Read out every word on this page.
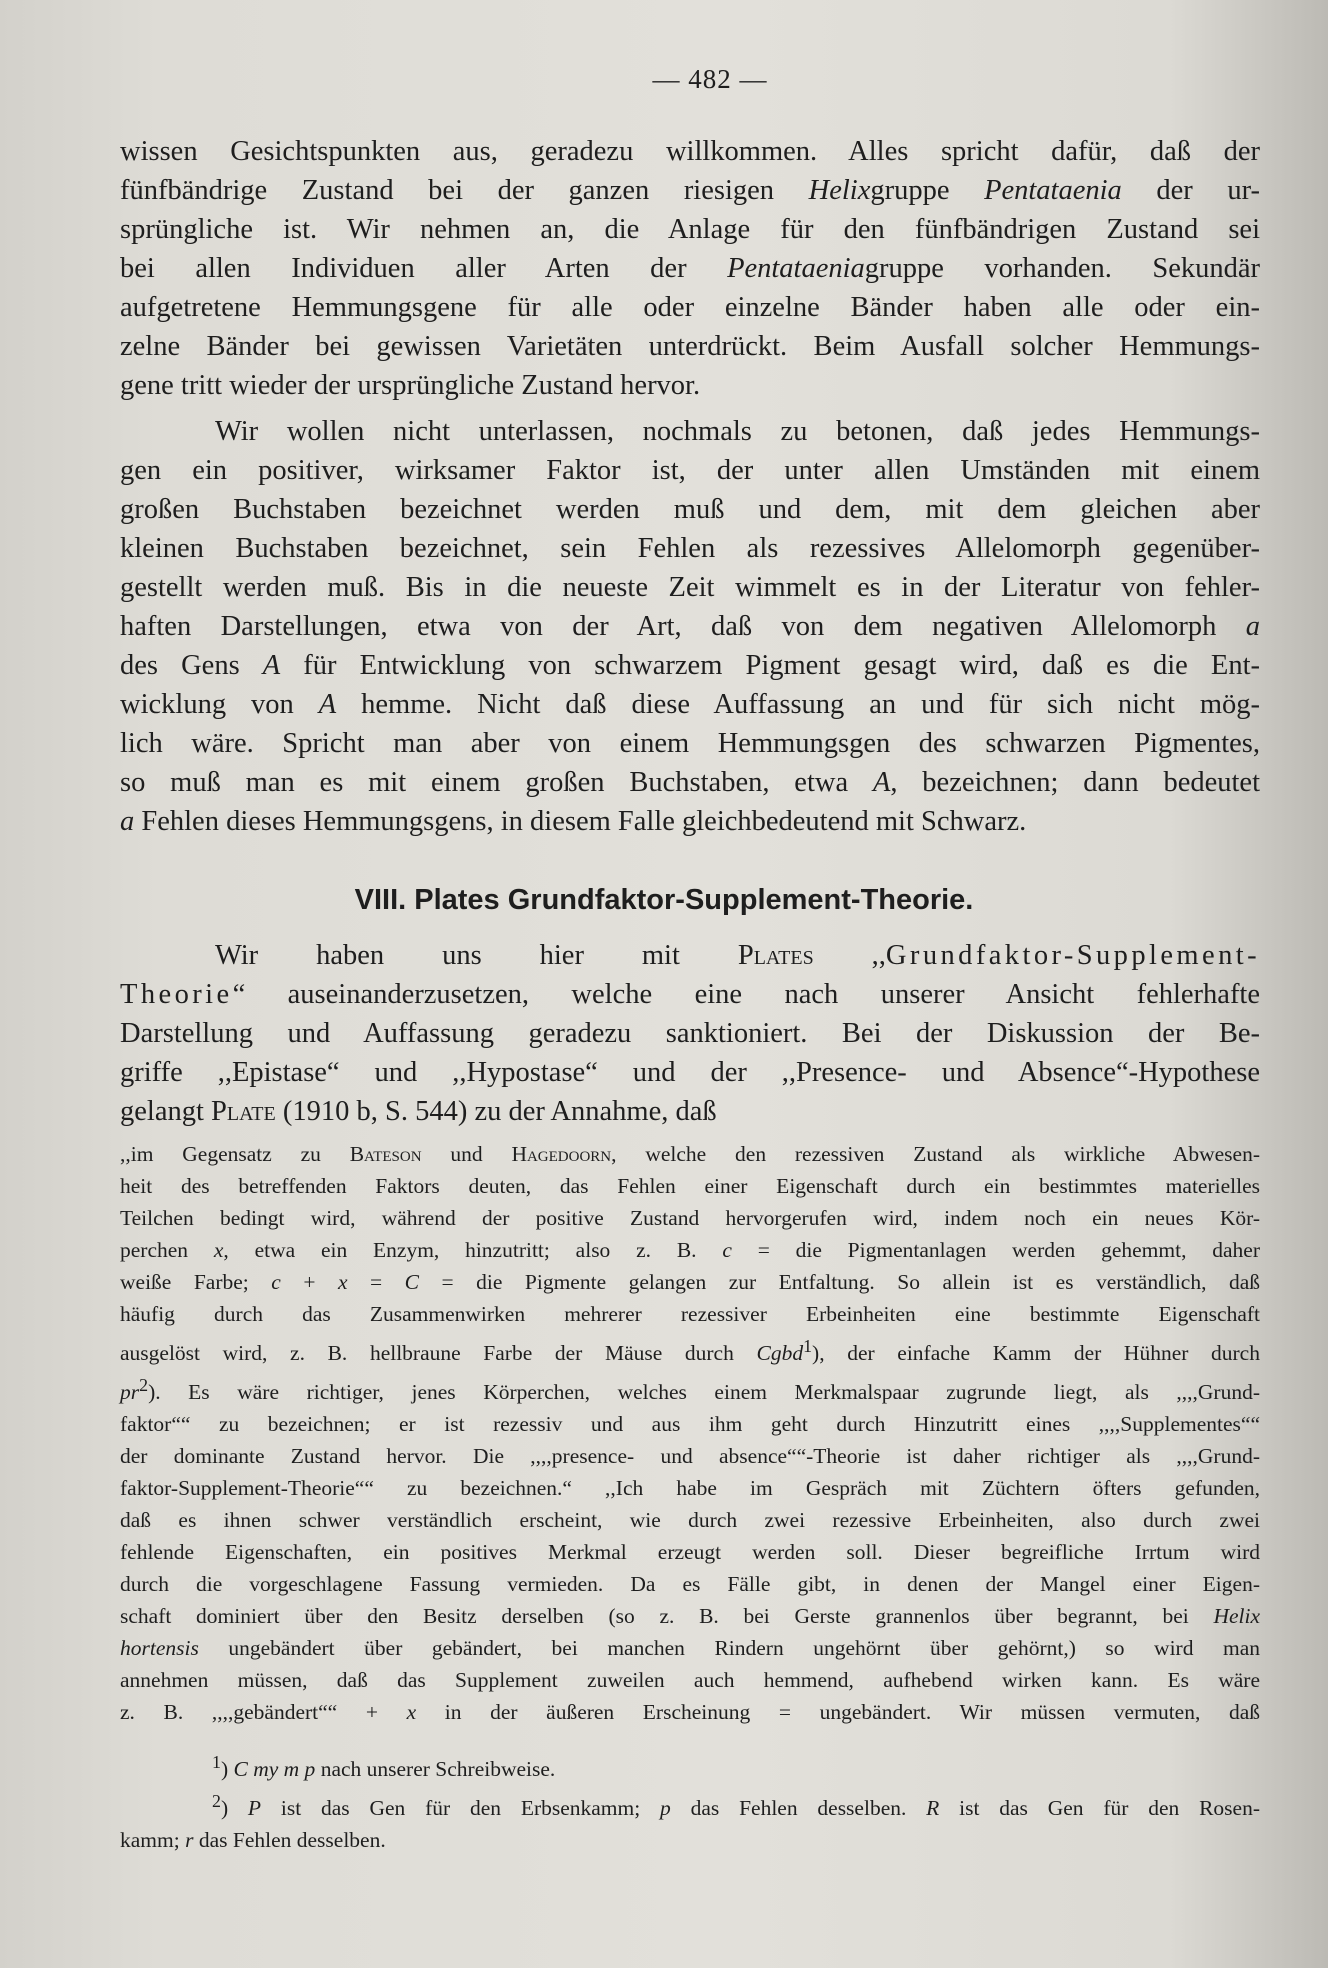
— 482 —
wissen Gesichtspunkten aus, geradezu willkommen. Alles spricht dafür, daß der
fünfbändrige Zustand bei der ganzen riesigen Helixgruppe Pentataenia der ur-
sprüngliche ist. Wir nehmen an, die Anlage für den fünfbändrigen Zustand sei
bei allen Individuen aller Arten der Pentataeniagruppe vorhanden. Sekundär
aufgetretene Hemmungsgene für alle oder einzelne Bänder haben alle oder ein-
zelne Bänder bei gewissen Varietäten unterdrückt. Beim Ausfall solcher Hemmungs-
gene tritt wieder der ursprüngliche Zustand hervor.
Wir wollen nicht unterlassen, nochmals zu betonen, daß jedes Hemmungs-
gen ein positiver, wirksamer Faktor ist, der unter allen Umständen mit einem
großen Buchstaben bezeichnet werden muß und dem, mit dem gleichen aber
kleinen Buchstaben bezeichnet, sein Fehlen als rezessives Allelomorph gegenüber-
gestellt werden muß. Bis in die neueste Zeit wimmelt es in der Literatur von fehler-
haften Darstellungen, etwa von der Art, daß von dem negativen Allelomorph a
des Gens A für Entwicklung von schwarzem Pigment gesagt wird, daß es die Ent-
wicklung von A hemme. Nicht daß diese Auffassung an und für sich nicht mög-
lich wäre. Spricht man aber von einem Hemmungsgen des schwarzen Pigmentes,
so muß man es mit einem großen Buchstaben, etwa A, bezeichnen; dann bedeutet
a Fehlen dieses Hemmungsgens, in diesem Falle gleichbedeutend mit Schwarz.
VIII. Plates Grundfaktor-Supplement-Theorie.
Wir haben uns hier mit Plates ,,Grundfaktor-Supplement-
Theorie“ auseinanderzusetzen, welche eine nach unserer Ansicht fehlerhafte
Darstellung und Auffassung geradezu sanktioniert. Bei der Diskussion der Be-
griffe ,,Epistase“ und ,,Hypostase“ und der ,,Presence- und Absence“-Hypothese
gelangt Plate (1910 b, S. 544) zu der Annahme, daß
,,im Gegensatz zu Bateson und Hagedoorn, welche den rezessiven Zustand als wirkliche Abwesen-
heit des betreffenden Faktors deuten, das Fehlen einer Eigenschaft durch ein bestimmtes materielles
Teilchen bedingt wird, während der positive Zustand hervorgerufen wird, indem noch ein neues Kör-
perchen x, etwa ein Enzym, hinzutritt; also z. B. c = die Pigmentanlagen werden gehemmt, daher
weiße Farbe; c + x = C = die Pigmente gelangen zur Entfaltung. So allein ist es verständlich, daß
häufig durch das Zusammenwirken mehrerer rezessiver Erbeinheiten eine bestimmte Eigenschaft
ausgelöst wird, z. B. hellbraune Farbe der Mäuse durch Cgbd$^1$), der einfache Kamm der Hühner durch
$pr^2$). Es wäre richtiger, jenes Körperchen, welches einem Merkmalspaar zugrunde liegt, als ,,,,Grund-
faktor““ zu bezeichnen; er ist rezessiv und aus ihm geht durch Hinzutritt eines ,,,,Supplementes““
der dominante Zustand hervor. Die ,,,,presence- und absence““-Theorie ist daher richtiger als ,,,,Grund-
faktor-Supplement-Theorie““ zu bezeichnen.“ ,,Ich habe im Gespräch mit Züchtern öfters gefunden,
daß es ihnen schwer verständlich erscheint, wie durch zwei rezessive Erbeinheiten, also durch zwei
fehlende Eigenschaften, ein positives Merkmal erzeugt werden soll. Dieser begreifliche Irrtum wird
durch die vorgeschlagene Fassung vermieden. Da es Fälle gibt, in denen der Mangel einer Eigen-
schaft dominiert über den Besitz derselben (so z. B. bei Gerste grannenlos über begrannt, bei Helix
hortensis ungebändert über gebändert, bei manchen Rindern ungehörnt über gehörnt,) so wird man
annehmen müssen, daß das Supplement zuweilen auch hemmend, aufhebend wirken kann. Es wäre
z. B. ,,,,gebändert““ + x in der äußeren Erscheinung = ungebändert. Wir müssen vermuten, daß
$^1$) C my m p nach unserer Schreibweise.
$^2$) P ist das Gen für den Erbsenkamm; p das Fehlen desselben. R ist das Gen für den Rosen-
kamm; r das Fehlen desselben.
